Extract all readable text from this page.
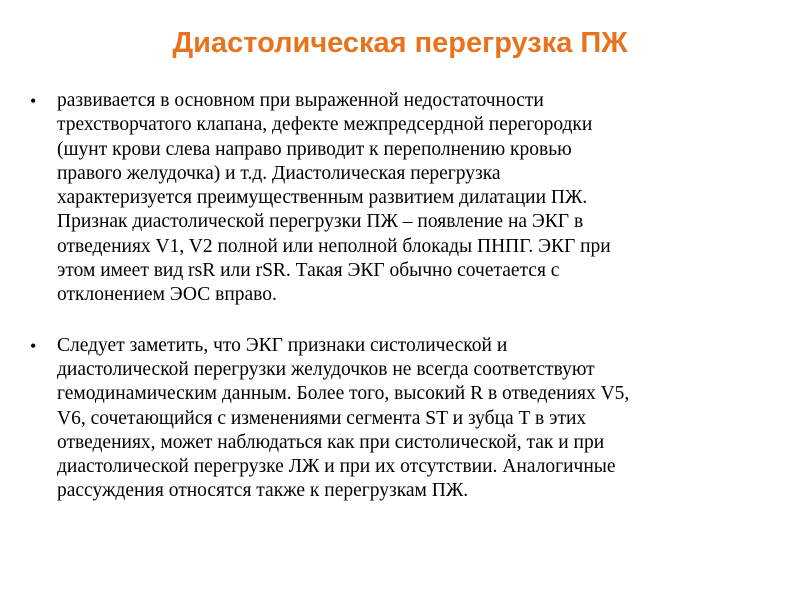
Диастолическая перегрузка ПЖ
• развивается в основном при выраженной недостаточности
трехстворчатого клапана, дефекте межпредсердной перегородки
(шунт крови слева направо приводит к переполнению кровью
правого желудочка) и т.д. Диастолическая перегрузка
характеризуется преимущественным развитием дилатации ПЖ.
Признак диастолической перегрузки ПЖ – появление на ЭКГ в
отведениях V1, V2 полной или неполной блокады ПНПГ. ЭКГ при
этом имеет вид rsR или rSR. Такая ЭКГ обычно сочетается с
отклонением ЭОС вправо.
• Следует заметить, что ЭКГ признаки систолической и
диастолической перегрузки желудочков не всегда соответствуют
гемодинамическим данным. Более того, высокий R в отведениях V5,
V6, сочетающийся с изменениями сегмента ST и зубца T в этих
отведениях, может наблюдаться как при систолической, так и при
диастолической перегрузке ЛЖ и при их отсутствии. Аналогичные
рассуждения относятся также к перегрузкам ПЖ.
